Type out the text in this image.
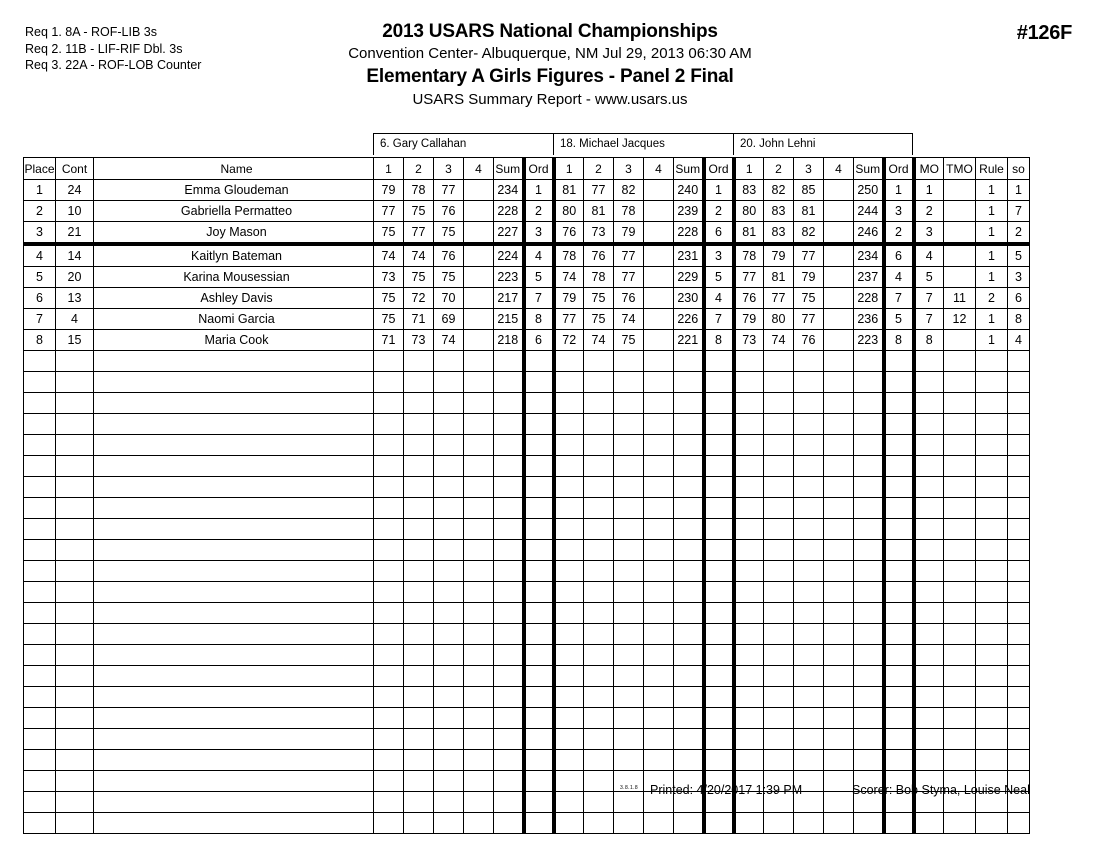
Req 1. 8A - ROF-LIB 3s
Req 2. 11B - LIF-RIF Dbl. 3s
Req 3. 22A - ROF-LOB Counter
2013 USARS National Championships
Convention Center- Albuquerque, NM Jul 29, 2013 06:30 AM
Elementary A Girls Figures - Panel 2 Final
USARS Summary Report - www.usars.us
#126F
6. Gary Callahan	18. Michael Jacques	20. John Lehni
Place	Cont	Name	1	2	3	4	Sum	Ord	1	2	3	4	Sum	Ord	1	2	3	4	Sum	Ord	MO	TMO	Rule	so
1	24	Emma Gloudeman	79	78	77		234	1	81	77	82		240	1	83	82	85		250	1	1		1	1
2	10	Gabriella Permatteo	77	75	76		228	2	80	81	78		239	2	80	83	81		244	3	2		1	7
3	21	Joy Mason	75	77	75		227	3	76	73	79		228	6	81	83	82		246	2	3		1	2
4	14	Kaitlyn Bateman	74	74	76		224	4	78	76	77		231	3	78	79	77		234	6	4		1	5
5	20	Karina Mousessian	73	75	75		223	5	74	78	77		229	5	77	81	79		237	4	5		1	3
6	13	Ashley Davis	75	72	70		217	7	79	75	76		230	4	76	77	75		228	7	7	11	2	6
7	4	Naomi Garcia	75	71	69		215	8	77	75	74		226	7	79	80	77		236	5	7	12	1	8
8	15	Maria Cook	71	73	74		218	6	72	74	75		221	8	73	74	76		223	8	8		1	4

3.8.1.8 Printed: 4/20/2017 1:39 PM	Scorer: Bob Styma, Louise Neal
